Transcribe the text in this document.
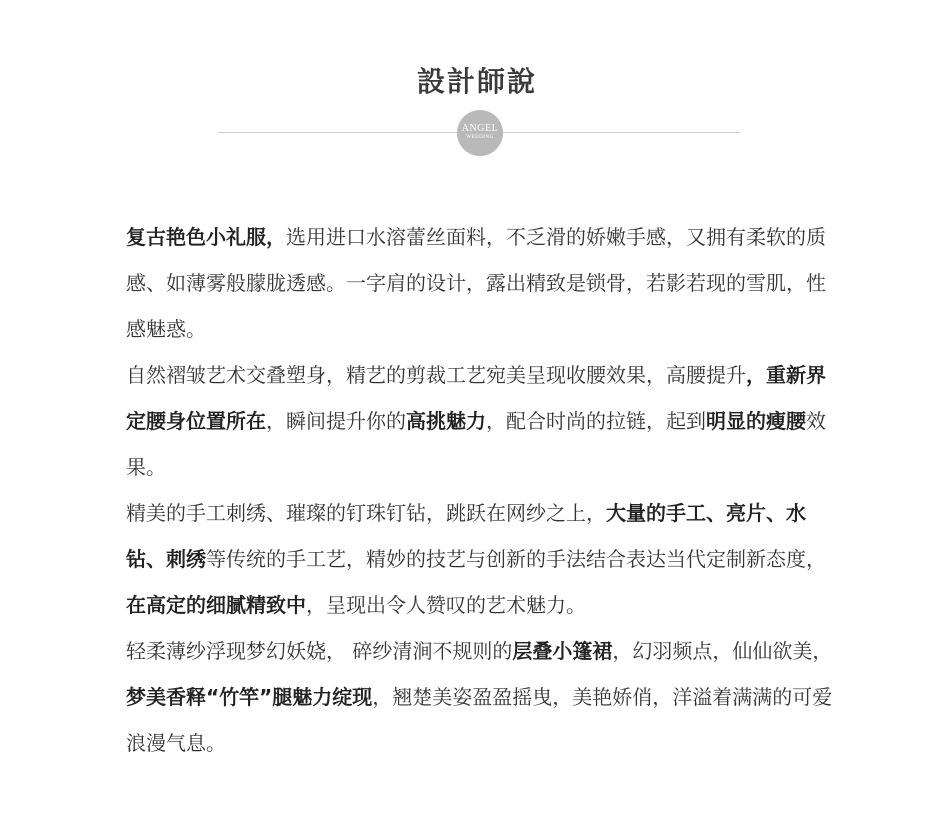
設計師說
ANGEL
WEDDING

复古艳色小礼服，选用进口水溶蕾丝面料，不乏滑的娇嫩手感，又拥有柔软的质感、如薄雾般朦胧透感。一字肩的设计，露出精致是锁骨，若影若现的雪肌，性感魅惑。

自然褶皱艺术交叠塑身，精艺的剪裁工艺宛美呈现收腰效果，高腰提升，重新界定腰身位置所在，瞬间提升你的高挑魅力，配合时尚的拉链，起到明显的瘦腰效果。

精美的手工刺绣、璀璨的钉珠钉钻，跳跃在网纱之上，大量的手工、亮片、水钻、刺绣等传统的手工艺，精妙的技艺与创新的手法结合表达当代定制新态度，在高定的细腻精致中，呈现出令人赞叹的艺术魅力。

轻柔薄纱浮现梦幻妖娆， 碎纱清涧不规则的层叠小篷裙，幻羽频点，仙仙欲美，梦美香释“竹竿”腿魅力绽现，翘楚美姿盈盈摇曳，美艳娇俏，洋溢着满满的可爱浪漫气息。
